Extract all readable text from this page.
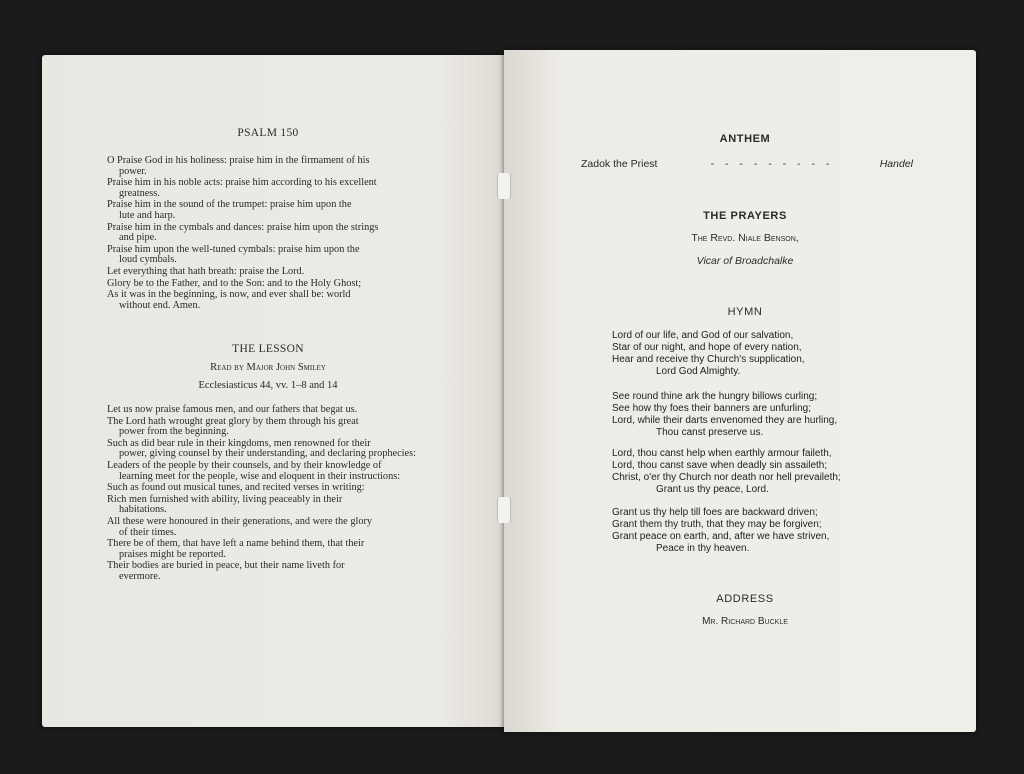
PSALM 150
O Praise God in his holiness: praise him in the firmament of his
power.
Praise him in his noble acts: praise him according to his excellent
greatness.
Praise him in the sound of the trumpet: praise him upon the
lute and harp.
Praise him in the cymbals and dances: praise him upon the strings
and pipe.
Praise him upon the well-tuned cymbals: praise him upon the
loud cymbals.
Let everything that hath breath: praise the Lord.
Glory be to the Father, and to the Son: and to the Holy Ghost;
As it was in the beginning, is now, and ever shall be: world
without end. Amen.
THE LESSON
Read by Major John Smiley
Ecclesiasticus 44, vv. 1–8 and 14
Let us now praise famous men, and our fathers that begat us.
The Lord hath wrought great glory by them through his great
power from the beginning.
Such as did bear rule in their kingdoms, men renowned for their
power, giving counsel by their understanding, and declaring prophecies:
Leaders of the people by their counsels, and by their knowledge of
learning meet for the people, wise and eloquent in their instructions:
Such as found out musical tunes, and recited verses in writing:
Rich men furnished with ability, living peaceably in their
habitations.
All these were honoured in their generations, and were the glory
of their times.
There be of them, that have left a name behind them, that their
praises might be reported.
Their bodies are buried in peace, but their name liveth for
evermore.
ANTHEM
Zadok the Priest	- - - - - - - - -	Handel
THE PRAYERS
The Revd. Niale Benson,
Vicar of Broadchalke
HYMN
Lord of our life, and God of our salvation,
Star of our night, and hope of every nation,
Hear and receive thy Church's supplication,
Lord God Almighty.
See round thine ark the hungry billows curling;
See how thy foes their banners are unfurling;
Lord, while their darts envenomed they are hurling,
Thou canst preserve us.
Lord, thou canst help when earthly armour faileth,
Lord, thou canst save when deadly sin assaileth;
Christ, o'er thy Church nor death nor hell prevaileth;
Grant us thy peace, Lord.
Grant us thy help till foes are backward driven;
Grant them thy truth, that they may be forgiven;
Grant peace on earth, and, after we have striven,
Peace in thy heaven.
ADDRESS
Mr. Richard Buckle
